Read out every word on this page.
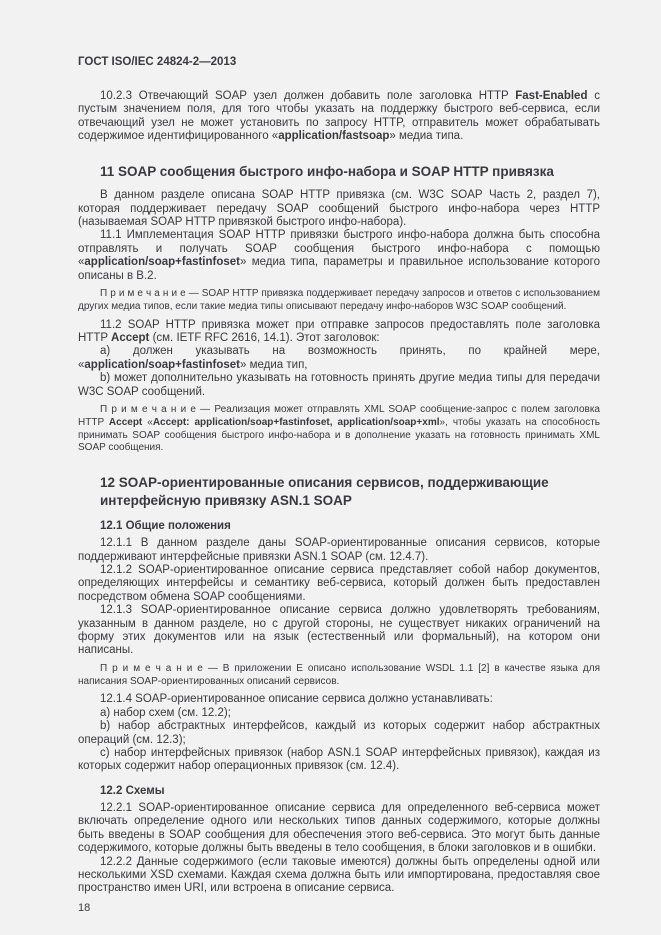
ГОСТ ISO/IEC 24824-2—2013

10.2.3 Отвечающий SOAP узел должен добавить поле заголовка HTTP Fast-Enabled с пустым значением поля, для того чтобы указать на поддержку быстрого веб-сервиса, если отвечающий узел не может установить по запросу HTTP, отправитель может обрабатывать содержимое идентифицированного «application/fastsoap» медиа типа.

11 SOAP сообщения быстрого инфо-набора и SOAP HTTP привязка

В данном разделе описана SOAP HTTP привязка (см. W3C SOAP Часть 2, раздел 7), которая поддерживает передачу SOAP сообщений быстрого инфо-набора через HTTP (называемая SOAP HTTP привязкой быстрого инфо-набора).

11.1 Имплементация SOAP HTTP привязки быстрого инфо-набора должна быть способна отправлять и получать SOAP сообщения быстрого инфо-набора с помощью «application/soap+fastinfoset» медиа типа, параметры и правильное использование которого описаны в B.2.

П р и м е ч а н и е — SOAP HTTP привязка поддерживает передачу запросов и ответов с использованием других медиа типов, если такие медиа типы описывают передачу инфо-наборов W3C SOAP сообщений.

11.2 SOAP HTTP привязка может при отправке запросов предоставлять поле заголовка HTTP Accept (см. IETF RFC 2616, 14.1). Этот заголовок:

a) должен указывать на возможность принять, по крайней мере, «application/soap+fastinfoset» медиа тип,

b) может дополнительно указывать на готовность принять другие медиа типы для передачи W3C SOAP сообщений.

П р и м е ч а н и е — Реализация может отправлять XML SOAP сообщение-запрос с полем заголовка HTTP Accept «Accept: application/soap+fastinfoset, application/soap+xml», чтобы указать на способность принимать SOAP сообщения быстрого инфо-набора и в дополнение указать на готовность принимать XML SOAP сообщения.

12 SOAP-ориентированные описания сервисов, поддерживающие интерфейсную привязку ASN.1 SOAP
12.1 Общие положения

12.1.1 В данном разделе даны SOAP-ориентированные описания сервисов, которые поддерживают интерфейсные привязки ASN.1 SOAP (см. 12.4.7).

12.1.2 SOAP-ориентированное описание сервиса представляет собой набор документов, определяющих интерфейсы и семантику веб-сервиса, который должен быть предоставлен посредством обмена SOAP сообщениями.

12.1.3 SOAP-ориентированное описание сервиса должно удовлетворять требованиям, указанным в данном разделе, но с другой стороны, не существует никаких ограничений на форму этих документов или на язык (естественный или формальный), на котором они написаны.

П р и м е ч а н и е — В приложении E описано использование WSDL 1.1 [2] в качестве языка для написания SOAP-ориентированных описаний сервисов.

12.1.4 SOAP-ориентированное описание сервиса должно устанавливать:

a) набор схем (см. 12.2);

b) набор абстрактных интерфейсов, каждый из которых содержит набор абстрактных операций (см. 12.3);

c) набор интерфейсных привязок (набор ASN.1 SOAP интерфейсных привязок), каждая из которых содержит набор операционных привязок (см. 12.4).

12.2 Схемы

12.2.1 SOAP-ориентированное описание сервиса для определенного веб-сервиса может включать определение одного или нескольких типов данных содержимого, которые должны быть введены в SOAP сообщения для обеспечения этого веб-сервиса. Это могут быть данные содержимого, которые должны быть введены в тело сообщения, в блоки заголовков и в ошибки.

12.2.2 Данные содержимого (если таковые имеются) должны быть определены одной или несколькими XSD схемами. Каждая схема должна быть или импортирована, предоставляя свое пространство имен URI, или встроена в описание сервиса.

18
